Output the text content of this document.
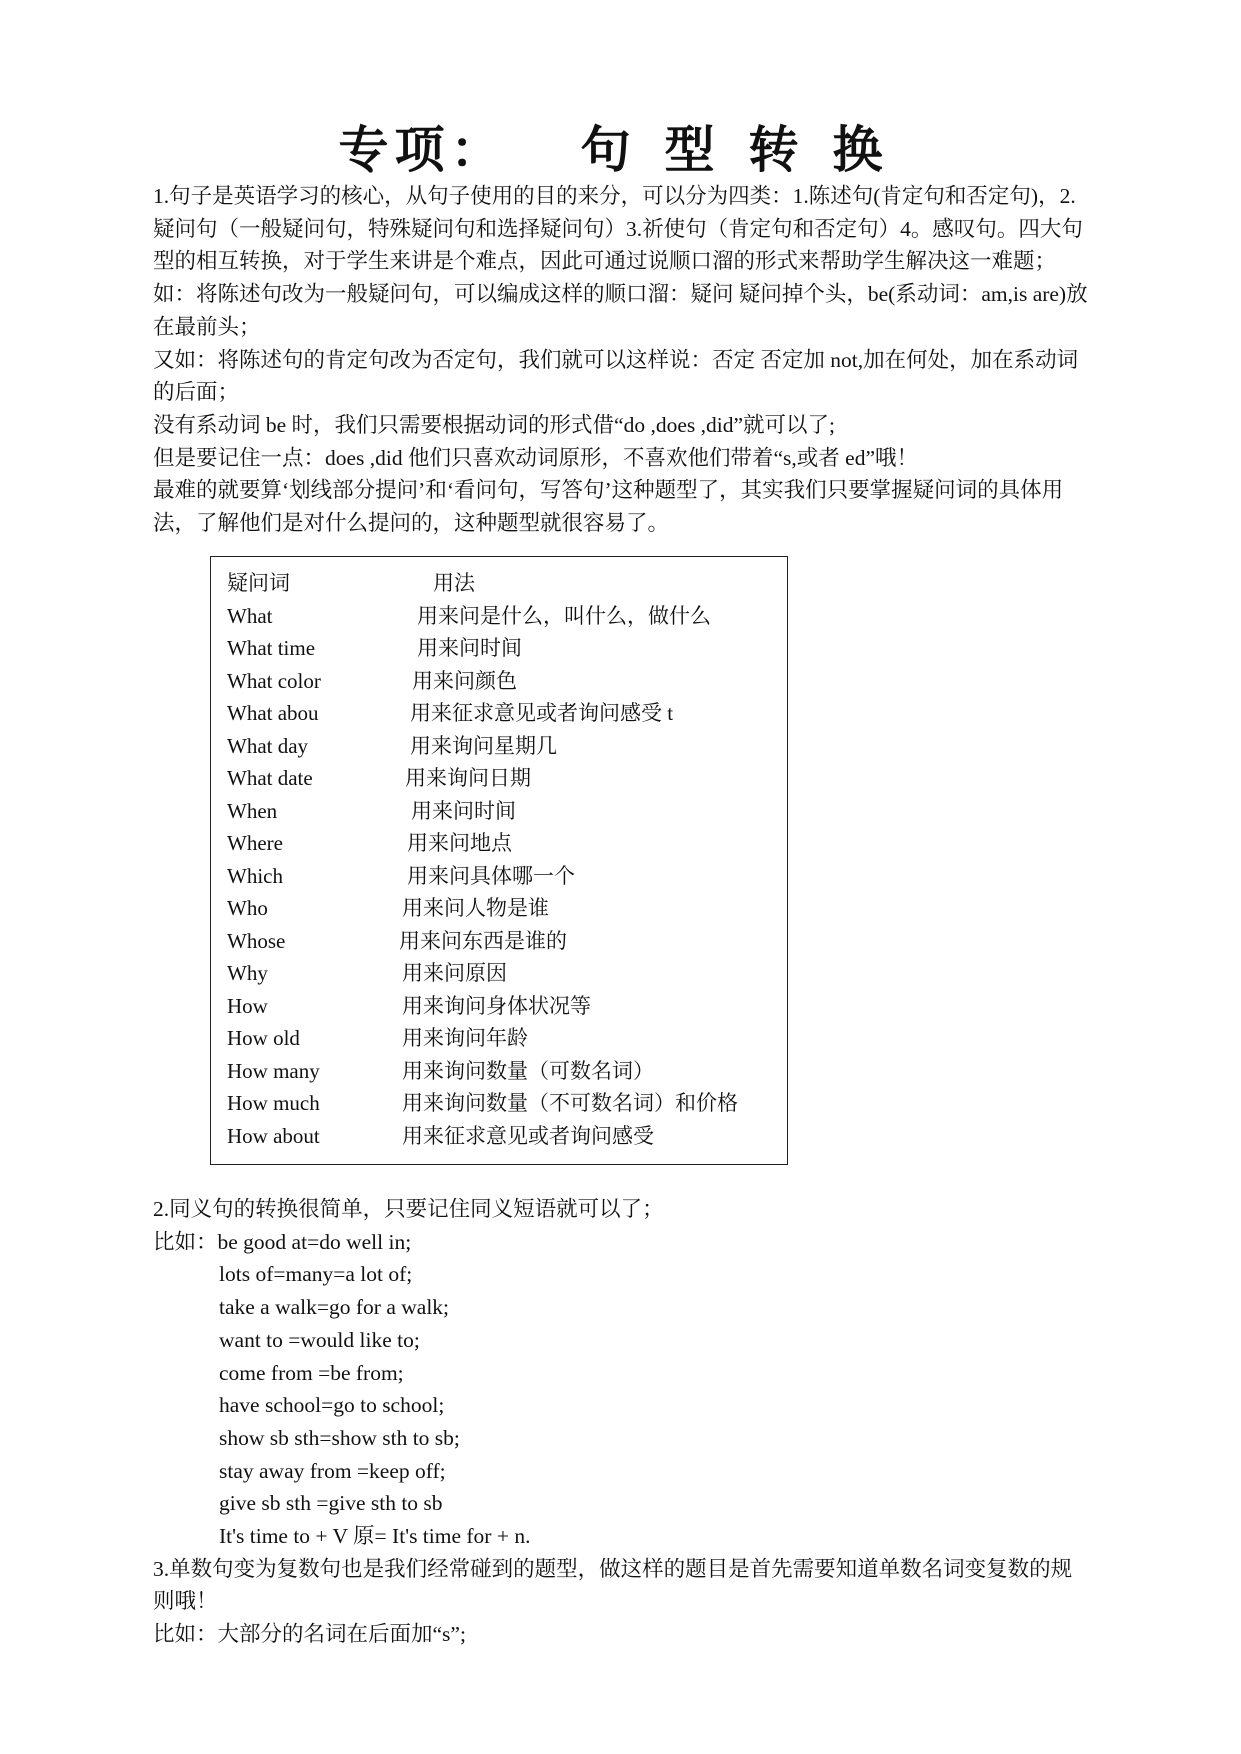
专项： 句 型 转 换

1.句子是英语学习的核心，从句子使用的目的来分，可以分为四类：1.陈述句(肯定句和否定句)，2.疑问句（一般疑问句，特殊疑问句和选择疑问句）3.祈使句（肯定句和否定句）4。感叹句。四大句型的相互转换，对于学生来讲是个难点，因此可通过说顺口溜的形式来帮助学生解决这一难题；

如：将陈述句改为一般疑问句，可以编成这样的顺口溜：疑问 疑问掉个头，be(系动词：am,is are)放在最前头；

又如：将陈述句的肯定句改为否定句，我们就可以这样说：否定 否定加 not,加在何处，加在系动词的后面；

没有系动词 be 时，我们只需要根据动词的形式借“do ,does ,did”就可以了;

但是要记住一点：does ,did 他们只喜欢动词原形，不喜欢他们带着“s,或者 ed”哦！

最难的就要算‘划线部分提问’和‘看问句，写答句’这种题型了，其实我们只要掌握疑问词的具体用法，了解他们是对什么提问的，这种题型就很容易了。

疑问词	用法
What	用来问是什么，叫什么，做什么
What time	用来问时间
What color	用来问颜色
What abou	用来征求意见或者询问感受 t
What day	用来询问星期几
What date	用来询问日期
When	用来问时间
Where	用来问地点
Which	用来问具体哪一个
Who	用来问人物是谁
Whose	用来问东西是谁的
Why	用来问原因
How	用来询问身体状况等
How old	用来询问年龄
How many	用来询问数量（可数名词）
How much	用来询问数量（不可数名词）和价格
How about	用来征求意见或者询问感受

2.同义句的转换很简单，只要记住同义短语就可以了；

比如：be good at=do well in;

lots of=many=a lot of;

take a walk=go for a walk;

want to =would like to;

come from =be from;

have school=go to school;

show sb sth=show sth to sb;

stay away from =keep off;

give sb sth =give sth to sb

It's time to + V 原= It's time for + n.

3.单数句变为复数句也是我们经常碰到的题型，做这样的题目是首先需要知道单数名词变复数的规则哦！

比如：大部分的名词在后面加“s”;
